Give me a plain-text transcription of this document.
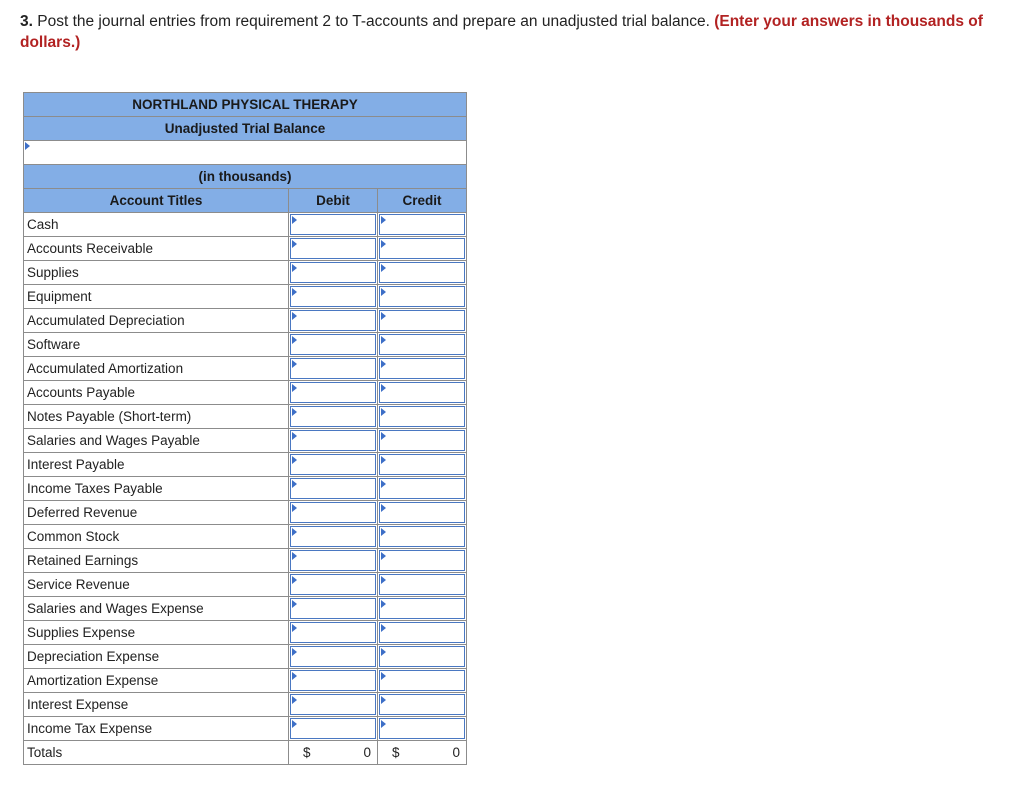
3. Post the journal entries from requirement 2 to T-accounts and prepare an unadjusted trial balance. (Enter your answers in thousands of dollars.)
NORTHLAND PHYSICAL THERAPY		
Unadjusted Trial Balance		

(in thousands)		
Account Titles	Debit	Credit
Cash	

Accounts Receivable	

Supplies	

Equipment	

Accumulated Depreciation	

Software	

Accumulated Amortization	

Accounts Payable	

Notes Payable (Short-term)	

Salaries and Wages Payable	

Interest Payable	

Income Taxes Payable	

Deferred Revenue	

Common Stock	

Retained Earnings	

Service Revenue	

Salaries and Wages Expense	

Supplies Expense	

Depreciation Expense	

Amortization Expense	

Interest Expense	

Income Tax Expense	

Totals	$ 0	$ 0
